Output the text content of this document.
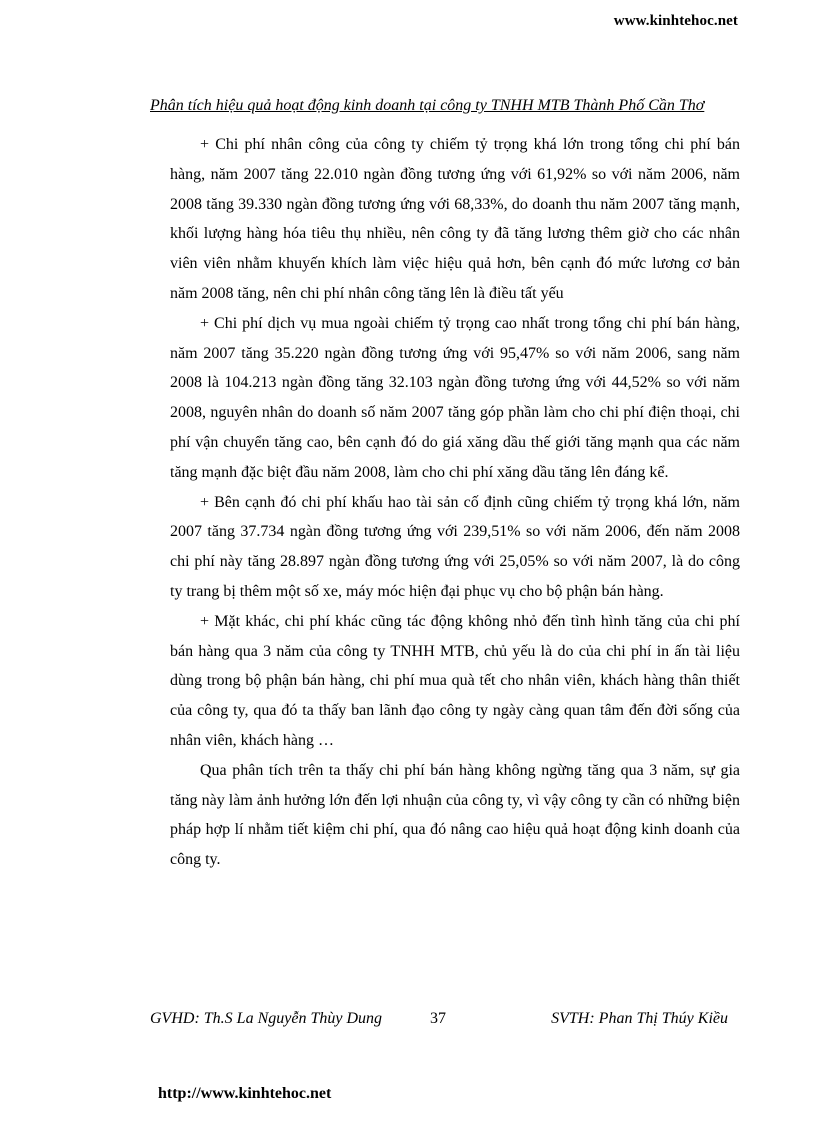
www.kinhtehoc.net
Phân tích hiệu quả hoạt động kinh doanh tại công ty TNHH MTB Thành Phố Cần Thơ

+ Chi phí nhân công của công ty chiếm tỷ trọng khá lớn trong tổng chi phí bán hàng, năm 2007 tăng 22.010 ngàn đồng tương ứng với 61,92% so với năm 2006, năm 2008 tăng 39.330 ngàn đồng tương ứng với 68,33%, do doanh thu năm 2007 tăng mạnh, khối lượng hàng hóa tiêu thụ nhiều, nên công ty đã tăng lương thêm giờ cho các nhân viên viên nhằm khuyến khích làm việc hiệu quả hơn, bên cạnh đó mức lương cơ bản năm 2008 tăng, nên chi phí nhân công tăng lên là điều tất yếu

+ Chi phí dịch vụ mua ngoài chiếm tỷ trọng cao nhất trong tổng chi phí bán hàng, năm 2007 tăng 35.220 ngàn đồng tương ứng với 95,47% so với năm 2006, sang năm 2008 là 104.213 ngàn đồng tăng 32.103 ngàn đồng tương ứng với 44,52% so với năm 2008, nguyên nhân do doanh số năm 2007 tăng góp phần làm cho chi phí điện thoại, chi phí vận chuyển tăng cao, bên cạnh đó do giá xăng dầu thế giới tăng mạnh qua các năm tăng mạnh đặc biệt đầu năm 2008, làm cho chi phí xăng dầu tăng lên đáng kể.

+ Bên cạnh đó chi phí khấu hao tài sản cố định cũng chiếm tỷ trọng khá lớn, năm 2007 tăng 37.734 ngàn đồng tương ứng với 239,51% so với năm 2006, đến năm 2008 chi phí này tăng 28.897 ngàn đồng tương ứng với 25,05% so với năm 2007, là do công ty trang bị thêm một số xe, máy móc hiện đại phục vụ cho bộ phận bán hàng.

+ Mặt khác, chi phí khác cũng tác động không nhỏ đến tình hình tăng của chi phí bán hàng qua 3 năm của công ty TNHH MTB, chủ yếu là do của chi phí in ấn tài liệu dùng trong bộ phận bán hàng, chi phí mua quà tết cho nhân viên, khách hàng thân thiết của công ty, qua đó ta thấy ban lãnh đạo công ty ngày càng quan tâm đến đời sống của nhân viên, khách hàng …

Qua phân tích trên ta thấy chi phí bán hàng không ngừng tăng qua 3 năm, sự gia tăng này làm ảnh hưởng lớn đến lợi nhuận của công ty, vì vậy công ty cần có những biện pháp hợp lí nhằm tiết kiệm chi phí, qua đó nâng cao hiệu quả hoạt động kinh doanh của công ty.

GVHD: Th.S La Nguyễn Thùy Dung	37	SVTH: Phan Thị Thúy Kiều
http://www.kinhtehoc.net
